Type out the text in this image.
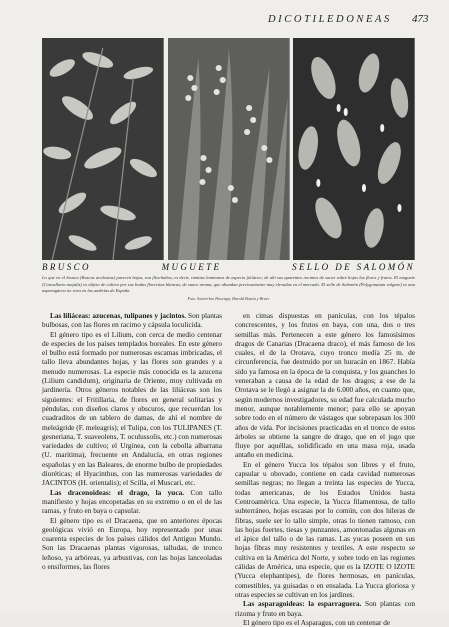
DICOTILEDONEAS 473
BRUSCO	MUGUETE	SELLO DE SALOMÓN
Lo que en el brusco (Ruscus aculeatus) parecen hojas, son filocladios, es decir, ramitas laminares de aspecto foliáceo; de ahí sus aparentes racimos de sacar sobre hojas las flores y frutos. El muguete (Convallaria majalis) es objeto de cultivo por sus lindas florecitas blancas, de suave aroma, que abundan preciosamente muy elevadas en el mercado. El sello de Salomón (Polygonatum vulgare) es una asparagácea no rara en las umbrías de España
Fots. Sonorrbio Hosenga, Harold Bastin y Bruer

Las liliáceas: azucenas, tulipanes y jacintos. Son plantas bulbosas, con las flores en racimo y cápsula loculicida.

El género tipo es el Lilium, con cerca de medio centenar de especies de los países templados boreales. En este género el bulbo está formado por numerosas escamas imbricadas, el tallo lleva abundantes hojas, y las flores son grandes y a menudo numerosas. La especie más conocida es la azucena (Lilium candidum), originaria de Oriente, muy cultivada en jardinería. Otros géneros notables de las liliáceas son los siguientes: el Fritillaria, de flores en general solitarias y péndulas, con diseños claros y obscuros, que recuerdan los cuadraditos de un tablero de damas, de ahí el nombre de meleágride (F. meleagris); el Tulipa, con los TULIPANES (T. gesneriana, T. suaveolens, T. oculussolis, etc.) con numerosas variedades de cultivo; el Urginea, con la cebolla albarrana (U. maritima), frecuente en Andalucía, en otras regiones españolas y en las Baleares, de enorme bulbo de propiedades diuréticas; el Hyacinthus, con las numerosas variedades de JACINTOS (H. orientalis); el Scilla, el Muscari, etc.

Las dracenoideas: el drago, la yuca. Con tallo manifiesto y hojas encopetadas en su extremo o en el de las ramas, y fruto en baya o capsular.

El género tipo es el Dracaena, que en anteriores épocas geológicas vivió en Europa, hoy representado por unas cuarenta especies de los países cálidos del Antiguo Mundo. Son las Dracaenas plantas vigorosas, talludas, de tronco leñoso, ya arbóreas, ya arbustivas, con las hojas lanceoladas o ensiformes, las flores

en cimas dispuestas en panículas, con los tépalos concrescentes, y los frutos en baya, con una, dos o tres semillas más. Pertenecen a este género los famosísimos dragos de Canarias (Dracaena draco), el más famoso de los cuales, el de la Orotava, cuyo tronco medía 25 m. de circunferencia, fue destruido por un huracán en 1867. Había sido ya famosa en la época de la conquista, y los guanches lo veneraban a causa de la edad de los dragos; a ese de la Orotava se le llegó a asignar la de 6.000 años, en cuanto que, según modernos investigadores, su edad fue calculada mucho menor, aunque notablemente menor; para ello se apoyan sobre todo en el número de vástagos que sobrepasan los 300 años de vida. Por incisiones practicadas en el tronco de estos árboles se obtiene la sangre de drago, que en el jugo que fluye por aquéllas, solidificado en una masa roja, usada antaño en medicina.

En el género Yucca los tépalos son libres y el fruto, capsular u obovado, contiene en cada cavidad numerosas semillas negras; no llegan a treinta las especies de Yucca, todas americanas, de los Estados Unidos hasta Centroamérica. Una especie, la Yucca filamentosa, de tallo subterráneo, hojas escasas por lo común, con dos hileras de fibras, suele ser lo tallo simple, otras lo tienen ramoso, con las hojas fuertes, tiesas y punzantes, amontonadas algunas en el ápice del tallo o de las ramas. Las yucas poseen en sus hojas fibras muy resistentes y textiles. A este respecto se cultiva en la América del Norte, y sobre todo en las regiones cálidas de América, una especie, que es la IZOTE O IZOTE (Yucca elephantipes), de flores hermosas, en panículas, comestibles, ya guisadas o en ensalada. La Yucca gloriosa y otras especies se cultivan en los jardines.

Las asparagoideas: la esparraguera. Son plantas con rizoma y fruto en baya.

El género tipo es el Asparagus, con un centenar de
